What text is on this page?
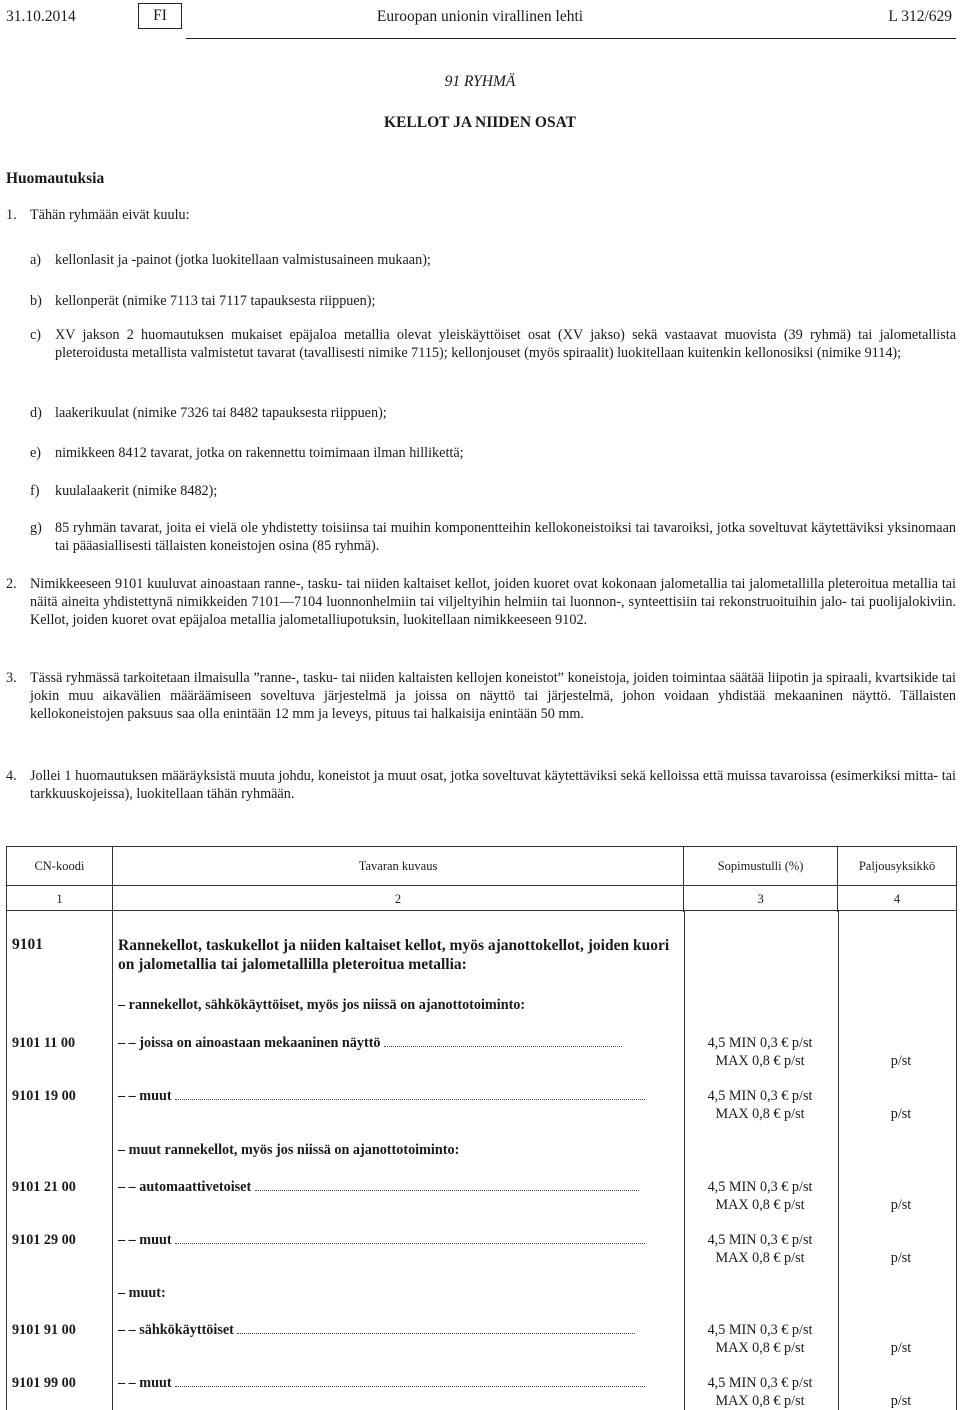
31.10.2014	FI	Euroopan unionin virallinen lehti	L 312/629
91 RYHMÄ
KELLOT JA NIIDEN OSAT
Huomautuksia
1. Tähän ryhmään eivät kuulu:
a) kellonlasit ja -painot (jotka luokitellaan valmistusaineen mukaan);
b) kellonperät (nimike 7113 tai 7117 tapauksesta riippuen);
c) XV jakson 2 huomautuksen mukaiset epäjaloa metallia olevat yleiskäyttöiset osat (XV jakso) sekä vastaavat muovista (39 ryhmä) tai jalometallista pleteroidusta metallista valmistetut tavarat (tavallisesti nimike 7115); kellonjouset (myös spiraalit) luokitellaan kuitenkin kellonosiksi (nimike 9114);
d) laakerikuulat (nimike 7326 tai 8482 tapauksesta riippuen);
e) nimikkeen 8412 tavarat, jotka on rakennettu toimimaan ilman hillikettä;
f) kuulalaakerit (nimike 8482);
g) 85 ryhmän tavarat, joita ei vielä ole yhdistetty toisiinsa tai muihin komponentteihin kellokoneistoiksi tai tavaroiksi, jotka soveltuvat käytettäviksi yksinomaan tai pääasiallisesti tällaisten koneistojen osina (85 ryhmä).
2. Nimikkeeseen 9101 kuuluvat ainoastaan ranne-, tasku- tai niiden kaltaiset kellot, joiden kuoret ovat kokonaan jalometallia tai jalometallilla pleteroitua metallia tai näitä aineita yhdistettynä nimikkeiden 7101—7104 luonnonhelmiin tai viljeltyihin helmiin tai luonnon-, synteettisiin tai rekonstruoituihin jalo- tai puolijalokiviin. Kellot, joiden kuoret ovat epäjaloa metallia jalometalliupotuksin, luokitellaan nimikkeeseen 9102.
3. Tässä ryhmässä tarkoitetaan ilmaisulla ”ranne-, tasku- tai niiden kaltaisten kellojen koneistot” koneistoja, joiden toimintaa säätää liipotin ja spiraali, kvartsikide tai jokin muu aikavälien määräämiseen soveltuva järjestelmä ja joissa on näyttö tai järjestelmä, johon voidaan yhdistää mekaaninen näyttö. Tällaisten kellokoneistojen paksuus saa olla enintään 12 mm ja leveys, pituus tai halkaisija enintään 50 mm.
4. Jollei 1 huomautuksen määräyksistä muuta johdu, koneistot ja muut osat, jotka soveltuvat käytettäviksi sekä kelloissa että muissa tavaroissa (esimerkiksi mitta- tai tarkkuuskojeissa), luokitellaan tähän ryhmään.
CN-koodi	Tavaran kuvaus	Sopimustulli (%)	Paljousyksikkö
1	2	3	4
9101	Rannekellot, taskukellot ja niiden kaltaiset kellot, myös ajanottokellot, joiden kuori on jalometallia tai jalometallilla pleteroitua metallia:
– rannekellot, sähkökäyttöiset, myös jos niissä on ajanottotoiminto:
9101 11 00	– – joissa on ainoastaan mekaaninen näyttö	4,5 MIN 0,3 € p/st
MAX 0,8 € p/st	p/st
9101 19 00	– – muut	4,5 MIN 0,3 € p/st
MAX 0,8 € p/st	p/st
– muut rannekellot, myös jos niissä on ajanottotoiminto:
9101 21 00	– – automaattivetoiset	4,5 MIN 0,3 € p/st
MAX 0,8 € p/st	p/st
9101 29 00	– – muut	4,5 MIN 0,3 € p/st
MAX 0,8 € p/st	p/st
– muut:
9101 91 00	– – sähkökäyttöiset	4,5 MIN 0,3 € p/st
MAX 0,8 € p/st	p/st
9101 99 00	– – muut	4,5 MIN 0,3 € p/st
MAX 0,8 € p/st	p/st
